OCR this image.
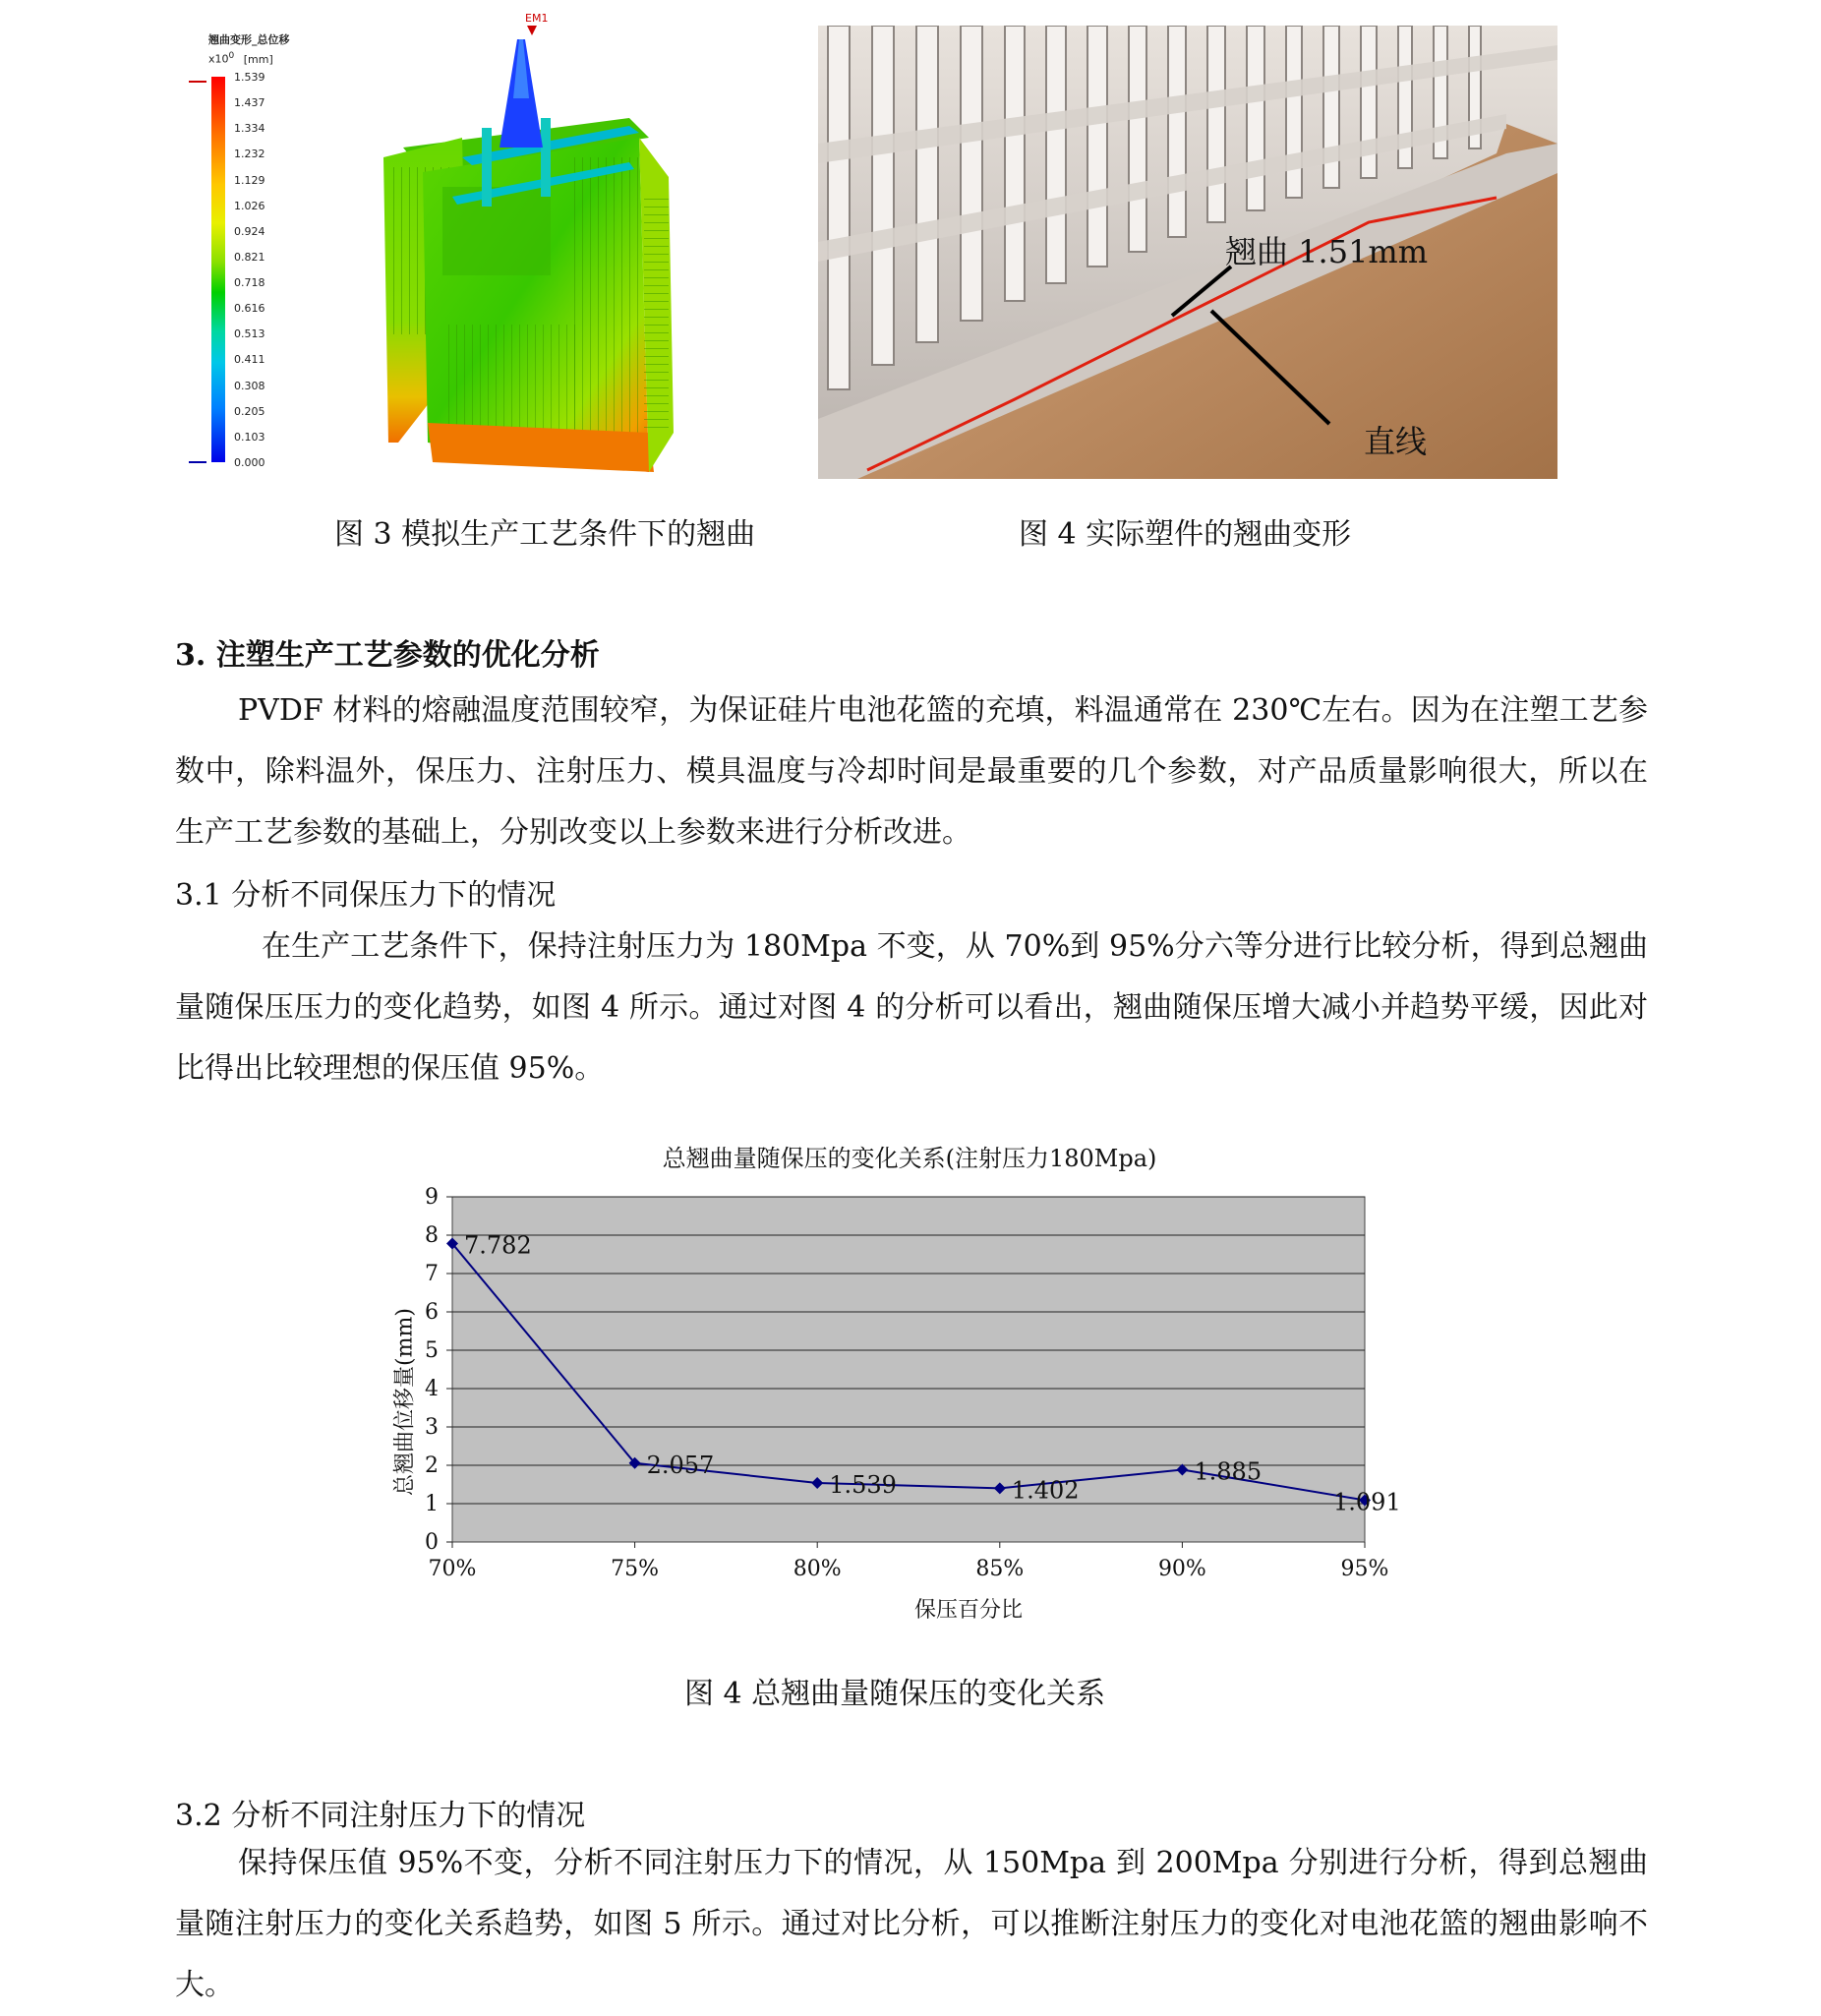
翘曲变形_总位移
$x10^0$ [mm]
1.539
1.437
1.334
1.232
1.129
1.026
0.924
0.821
0.718
0.616
0.513
0.411
0.308
0.205
0.103
0.000
EM1
图 3 模拟生产工艺条件下的翘曲
翘曲 1.51mm
直线
图 4 实际塑件的翘曲变形
3. 注塑生产工艺参数的优化分析
PVDF 材料的熔融温度范围较窄，为保证硅片电池花篮的充填，料温通常在 230℃左右。因为在注塑工艺参数中，除料温外，保压力、注射压力、模具温度与冷却时间是最重要的几个参数，对产品质量影响很大，所以在生产工艺参数的基础上，分别改变以上参数来进行分析改进。
3.1 分析不同保压力下的情况
在生产工艺条件下，保持注射压力为 180Mpa 不变，从 70%到 95%分六等分进行比较分析，得到总翘曲量随保压压力的变化趋势，如图 4 所示。通过对图 4 的分析可以看出，翘曲随保压增大减小并趋势平缓，因此对比得出比较理想的保压值 95%。
总翘曲量随保压的变化关系(注射压力180Mpa)
0
1
2
3
4
5
6
7
8
9
70%	75%	80%	85%	90%	95%
7.782
2.057
1.539	1.402
1.885
1.091
保压百分比
总翘曲位移量(mm)
图 4 总翘曲量随保压的变化关系
3.2 分析不同注射压力下的情况
保持保压值 95%不变，分析不同注射压力下的情况，从 150Mpa 到 200Mpa 分别进行分析，得到总翘曲量随注射压力的变化关系趋势，如图 5 所示。通过对比分析，可以推断注射压力的变化对电池花篮的翘曲影响不大。
